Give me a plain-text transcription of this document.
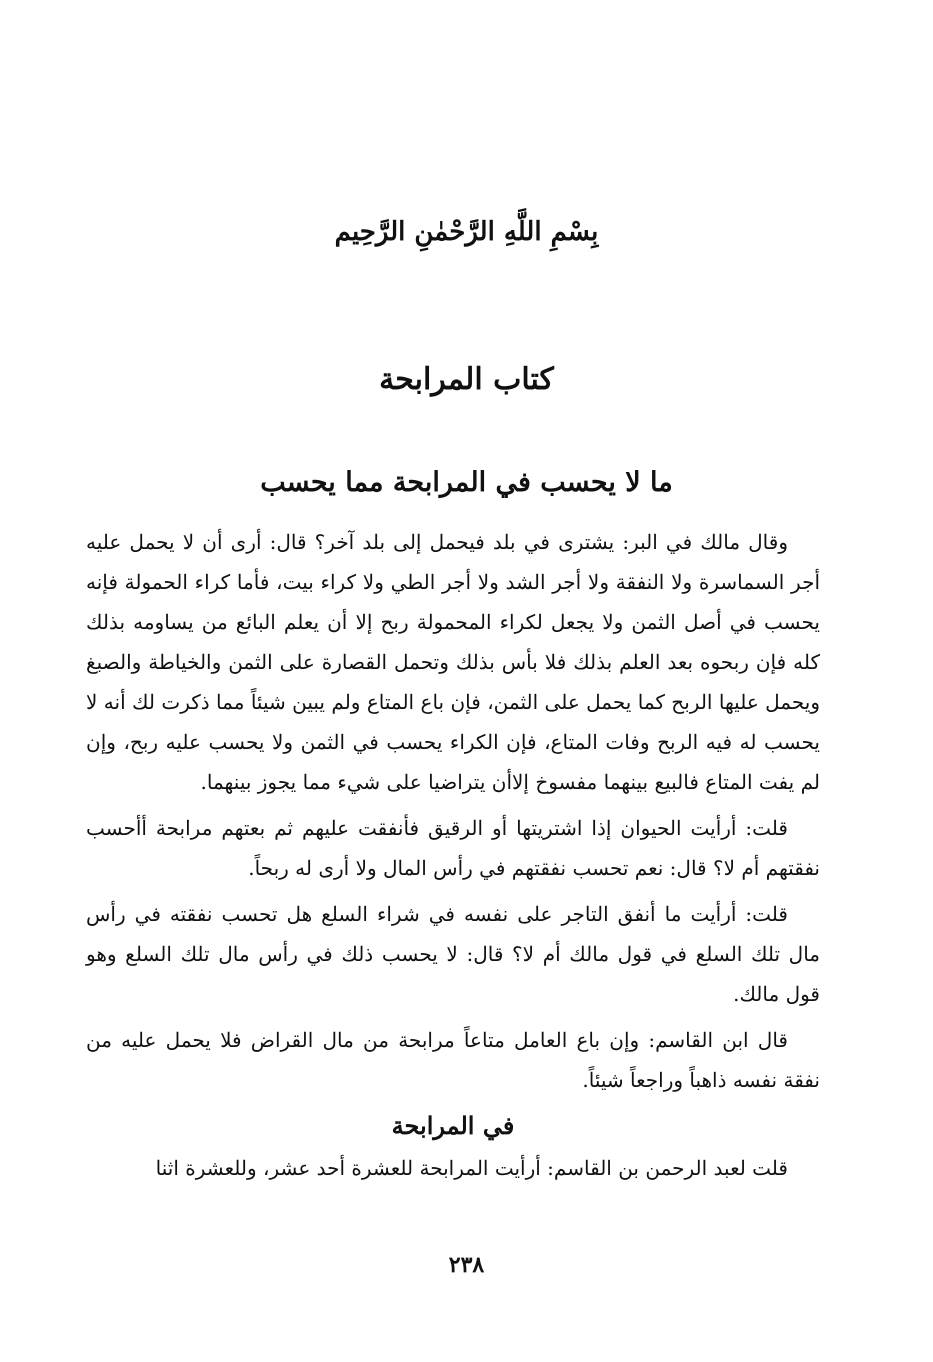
بِسْمِ اللَّهِ الرَّحْمٰنِ الرَّحِيم
كتاب المرابحة
ما لا يحسب في المرابحة مما يحسب

وقال مالك في البر: يشترى في بلد فيحمل إلى بلد آخر؟ قال: أرى أن لا يحمل عليه أجر السماسرة ولا النفقة ولا أجر الشد ولا أجر الطي ولا كراء بيت، فأما كراء الحمولة فإنه يحسب في أصل الثمن ولا يجعل لكراء المحمولة ربح إلا أن يعلم البائع من يساومه بذلك كله فإن ربحوه بعد العلم بذلك فلا بأس بذلك وتحمل القصارة على الثمن والخياطة والصبغ ويحمل عليها الربح كما يحمل على الثمن، فإن باع المتاع ولم يبين شيئاً مما ذكرت لك أنه لا يحسب له فيه الربح وفات المتاع، فإن الكراء يحسب في الثمن ولا يحسب عليه ربح، وإن لم يفت المتاع فالبيع بينهما مفسوخ إلاأن يتراضيا على شيء مما يجوز بينهما.

قلت: أرأيت الحيوان إذا اشتريتها أو الرقيق فأنفقت عليهم ثم بعتهم مرابحة أأحسب نفقتهم أم لا؟ قال: نعم تحسب نفقتهم في رأس المال ولا أرى له ربحاً.

قلت: أرأيت ما أنفق التاجر على نفسه في شراء السلع هل تحسب نفقته في رأس مال تلك السلع في قول مالك أم لا؟ قال: لا يحسب ذلك في رأس مال تلك السلع وهو قول مالك.

قال ابن القاسم: وإن باع العامل متاعاً مرابحة من مال القراض فلا يحمل عليه من نفقة نفسه ذاهباً وراجعاً شيئاً.

في المرابحة

قلت لعبد الرحمن بن القاسم: أرأيت المرابحة للعشرة أحد عشر، وللعشرة اثنا

٢٣٨
